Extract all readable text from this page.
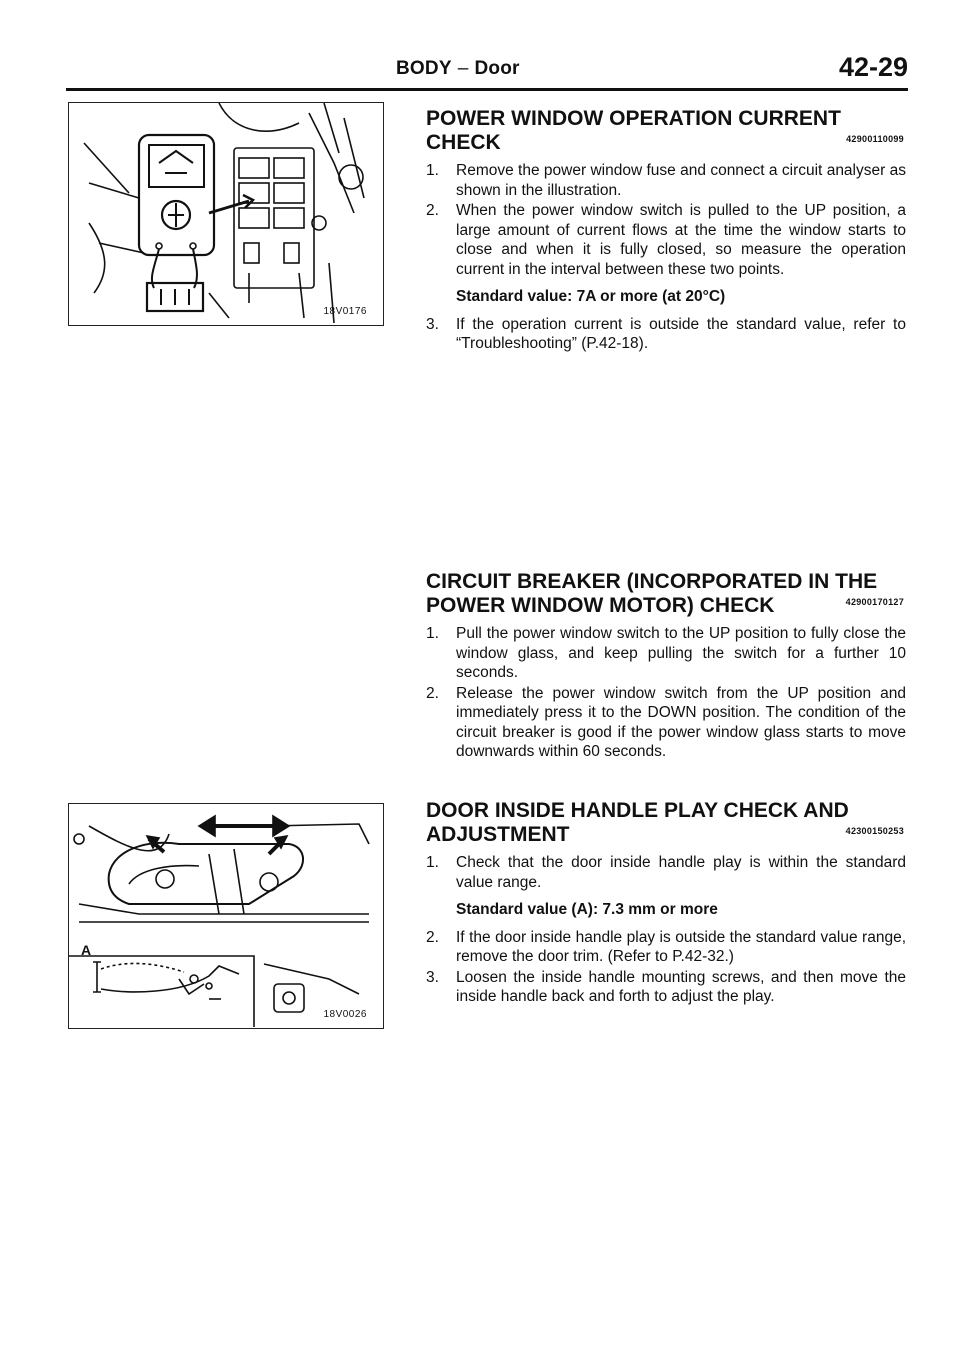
BODY – Door	42-29
18V0176
A
18V0026
POWER WINDOW OPERATION CURRENT
CHECK	42900110099
1. Remove the power window fuse and connect a circuit analyser as shown in the illustration.
2. When the power window switch is pulled to the UP position, a large amount of current flows at the time the window starts to close and when it is fully closed, so measure the operation current in the interval between these two points.
Standard value: 7A or more (at 20°C)
3. If the operation current is outside the standard value, refer to “Troubleshooting” (P.42-18).
CIRCUIT BREAKER (INCORPORATED IN THE
POWER WINDOW MOTOR) CHECK	42900170127
1. Pull the power window switch to the UP position to fully close the window glass, and keep pulling the switch for a further 10 seconds.
2. Release the power window switch from the UP position and immediately press it to the DOWN position. The condition of the circuit breaker is good if the power window glass starts to move downwards within 60 seconds.
DOOR INSIDE HANDLE PLAY CHECK AND
ADJUSTMENT	42300150253
1. Check that the door inside handle play is within the standard value range.
Standard value (A): 7.3 mm or more
2. If the door inside handle play is outside the standard value range, remove the door trim. (Refer to P.42-32.)
3. Loosen the inside handle mounting screws, and then move the inside handle back and forth to adjust the play.
